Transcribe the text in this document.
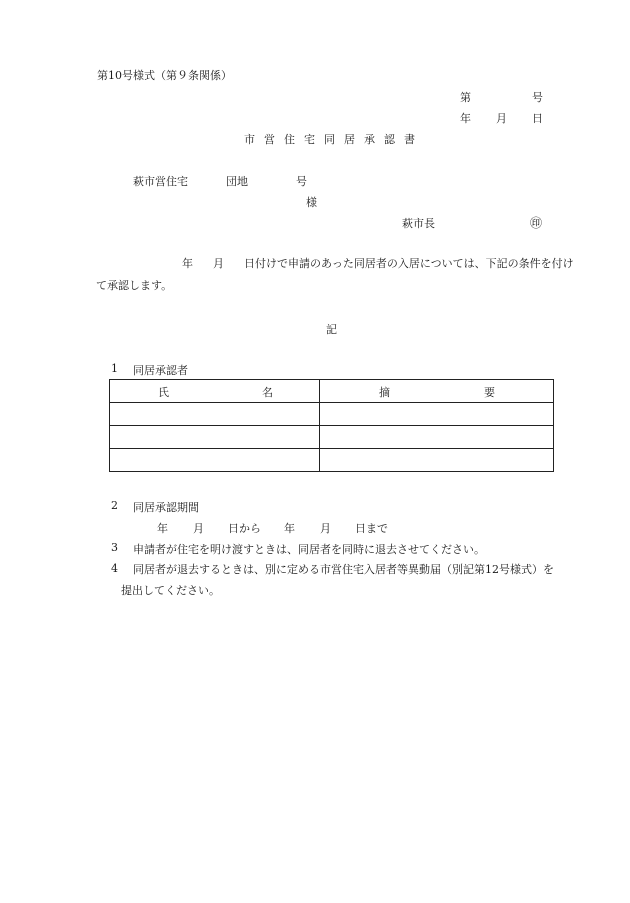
第10号様式（第９条関係）
第	号
年 月 日
市営住宅同居承認書
萩市営住宅	団地	号
様
萩市長	㊞
年 月 日付けで申請のあった同居者の入居については、下記の条件を付けて承認します。
記
1 同居承認者
氏 名	摘 要

2 同居承認期間
年 月 日から 年 月 日まで
3 申請者が住宅を明け渡すときは、同居者を同時に退去させてください。
4	同居者が退去するときは、別に定める市営住宅入居者等異動届（別記第12号様式）を提出してください。
